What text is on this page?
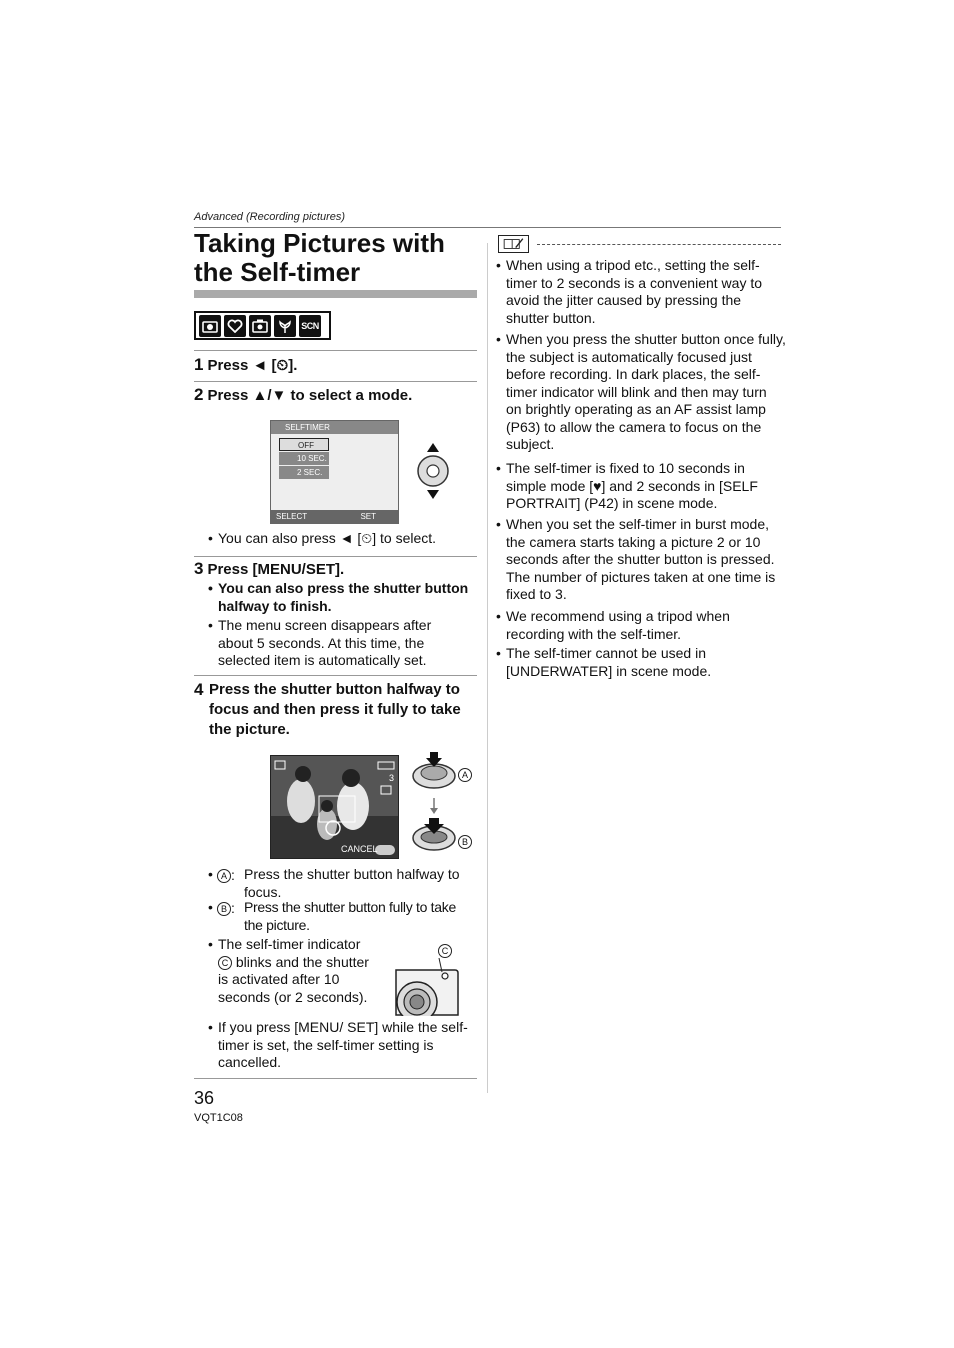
Advanced (Recording pictures)
Taking Pictures with the Self-timer
SCN
1 Press ◄ [⏲].
2 Press ▲/▼ to select a mode.
SELFTIMER
OFF
10 SEC.
2 SEC.
SELECT	SET
• You can also press ◄ [⏲] to select.
3 Press [MENU/SET].
• You can also press the shutter button halfway to finish.
• The menu screen disappears after about 5 seconds. At this time, the selected item is automatically set.
4 Press the shutter button halfway to focus and then press it fully to take the picture.
CANCEL
3	A
B
• A : Press the shutter button halfway to focus.
• B : Press the shutter button fully to take the picture.
• The self-timer indicator C blinks and the shutter is activated after 10 seconds (or 2 seconds).
C
• If you press [MENU/ SET] while the self-timer is set, the self-timer setting is cancelled.
• When using a tripod etc., setting the self-timer to 2 seconds is a convenient way to avoid the jitter caused by pressing the shutter button.
• When you press the shutter button once fully, the subject is automatically focused just before recording. In dark places, the self-timer indicator will blink and then may turn on brightly operating as an AF assist lamp (P63) to allow the camera to focus on the subject.
• The self-timer is fixed to 10 seconds in simple mode [♥] and 2 seconds in [SELF PORTRAIT] (P42) in scene mode.
• When you set the self-timer in burst mode, the camera starts taking a picture 2 or 10 seconds after the shutter button is pressed. The number of pictures taken at one time is fixed to 3.
• We recommend using a tripod when recording with the self-timer.
• The self-timer cannot be used in [UNDERWATER] in scene mode.
36
VQT1C08
